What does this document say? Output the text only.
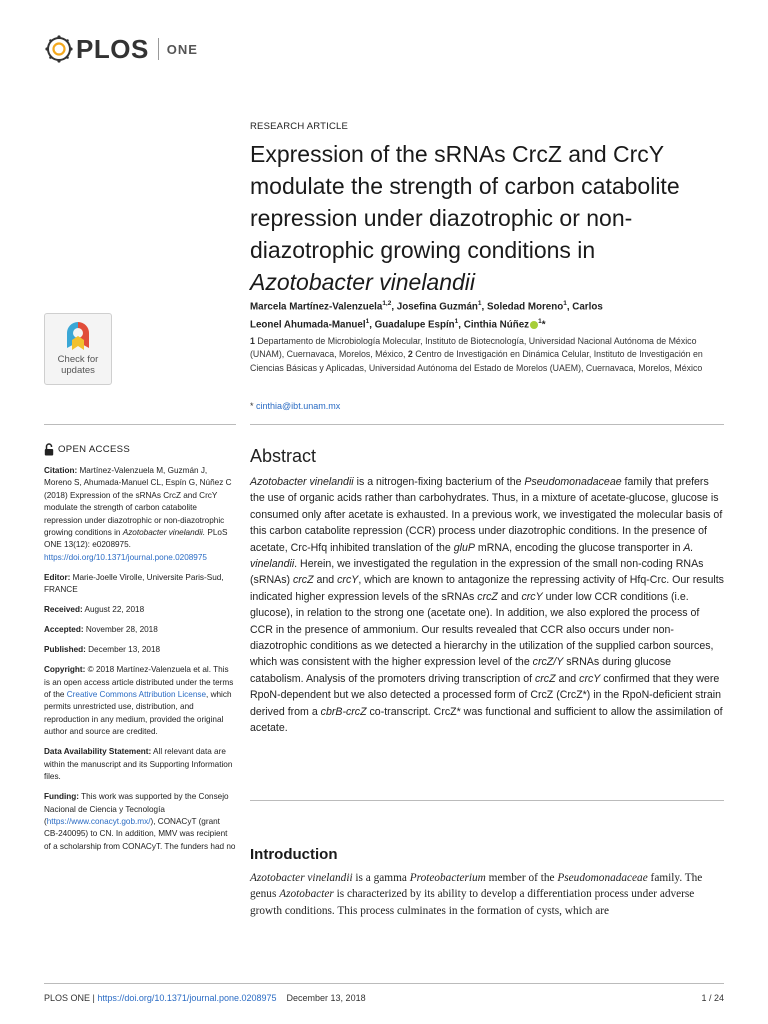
PLOS ONE
RESEARCH ARTICLE
Expression of the sRNAs CrcZ and CrcY
modulate the strength of carbon catabolite
repression under diazotrophic or non-
diazotrophic growing conditions in
Azotobacter vinelandii
Marcela Martínez-Valenzuela$^{1,2}$, Josefina Guzmán$^1$, Soledad Moreno$^1$, Carlos
Leonel Ahumada-Manuel$^1$, Guadalupe Espín$^1$, Cinthia Núñez $^1$*
1 Departamento de Microbiología Molecular, Instituto de Biotecnología, Universidad Nacional Autónoma de México (UNAM), Cuernavaca, Morelos, México, 2 Centro de Investigación en Dinámica Celular, Instituto de Investigación en Ciencias Básicas y Aplicadas, Universidad Autónoma del Estado de Morelos (UAEM), Cuernavaca, Morelos, México
* cinthia@ibt.unam.mx
Abstract

Azotobacter vinelandii is a nitrogen-fixing bacterium of the Pseudomonadaceae family that prefers the use of organic acids rather than carbohydrates. Thus, in a mixture of acetate-glucose, glucose is consumed only after acetate is exhausted. In a previous work, we investigated the molecular basis of this carbon catabolite repression (CCR) process under diazotrophic conditions. In the presence of acetate, Crc-Hfq inhibited translation of the gluP mRNA, encoding the glucose transporter in A. vinelandii. Herein, we investigated the regulation in the expression of the small non-coding RNAs (sRNAs) crcZ and crcY, which are known to antagonize the repressing activity of Hfq-Crc. Our results indicated higher expression levels of the sRNAs crcZ and crcY under low CCR conditions (i.e. glucose), in relation to the strong one (acetate one). In addition, we also explored the process of CCR in the presence of ammonium. Our results revealed that CCR also occurs under non-diazotrophic conditions as we detected a hierarchy in the utilization of the supplied carbon sources, which was consistent with the higher expression level of the crcZ/Y sRNAs during glucose catabolism. Analysis of the promoters driving transcription of crcZ and crcY confirmed that they were RpoN-dependent but we also detected a processed form of CrcZ (CrcZ*) in the RpoN-deficient strain derived from a cbrB-crcZ co-transcript. CrcZ* was functional and sufficient to allow the assimilation of acetate.

Introduction
Azotobacter vinelandii is a gamma Proteobacterium member of the Pseudomonadaceae family. The genus Azotobacter is characterized by its ability to develop a differentiation process under adverse growth conditions. This process culminates in the formation of cysts, which are
Check for
updates
OPEN ACCESS

Citation: Martínez-Valenzuela M, Guzmán J, Moreno S, Ahumada-Manuel CL, Espín G, Núñez C (2018) Expression of the sRNAs CrcZ and CrcY modulate the strength of carbon catabolite repression under diazotrophic or non-diazotrophic growing conditions in Azotobacter vinelandii. PLoS ONE 13(12): e0208975. https://doi.org/10.1371/journal.pone.0208975

Editor: Marie-Joelle Virolle, Universite Paris-Sud, FRANCE

Received: August 22, 2018

Accepted: November 28, 2018

Published: December 13, 2018

Copyright: © 2018 Martínez-Valenzuela et al. This is an open access article distributed under the terms of the Creative Commons Attribution License, which permits unrestricted use, distribution, and reproduction in any medium, provided the original author and source are credited.

Data Availability Statement: All relevant data are within the manuscript and its Supporting Information files.

Funding: This work was supported by the Consejo Nacional de Ciencia y Tecnología (https://www.conacyt.gob.mx/), CONACyT (grant CB-240095) to CN. In addition, MMV was recipient of a scholarship from CONACyT. The funders had no

PLOS ONE | https://doi.org/10.1371/journal.pone.0208975 December 13, 2018	1 / 24
